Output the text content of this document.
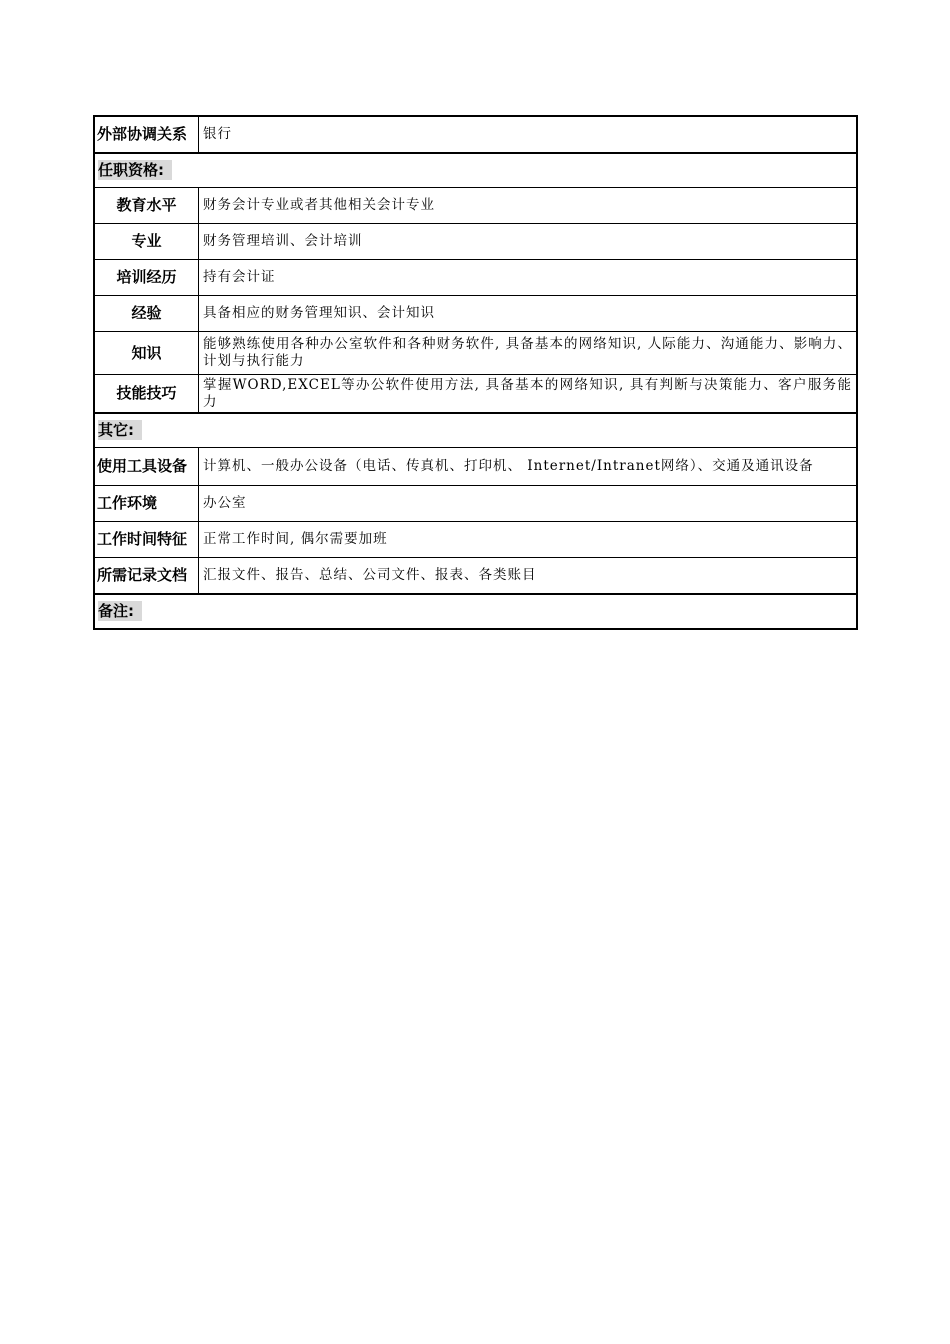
外部协调关系	银行
任职资格:	
教育水平	财务会计专业或者其他相关会计专业
专业	财务管理培训、会计培训
培训经历	持有会计证
经验	具备相应的财务管理知识、会计知识
知识	能够熟练使用各种办公室软件和各种财务软件, 具备基本的网络知识, 人际能力、沟通能力、影响力、计划与执行能力
技能技巧	掌握WORD,EXCEL等办公软件使用方法, 具备基本的网络知识, 具有判断与决策能力、客户服务能力
其它:	
使用工具设备	计算机、一般办公设备（电话、传真机、打印机、 Internet/Intranet网络）、交通及通讯设备
工作环境	办公室
工作时间特征	正常工作时间, 偶尔需要加班
所需记录文档	汇报文件、报告、总结、公司文件、报表、各类账目
备注:	
